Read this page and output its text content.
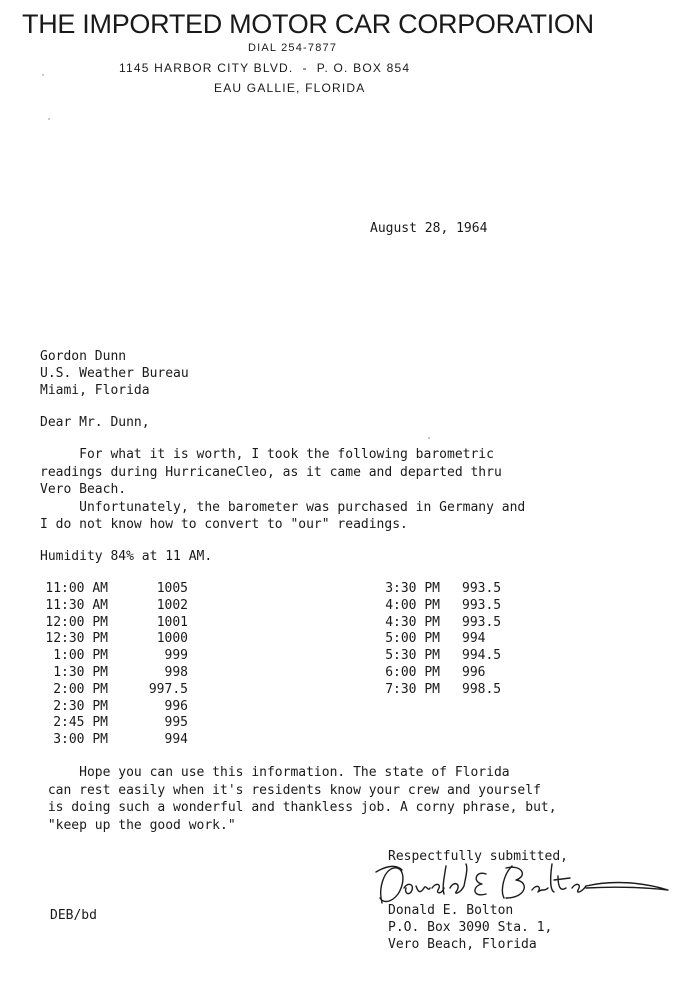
THE IMPORTED MOTOR CAR CORPORATION
DIAL 254-7877
1145 HARBOR CITY BLVD.  -  P. O. BOX 854
EAU GALLIE, FLORIDA
August 28, 1964
Gordon Dunn
U.S. Weather Bureau
Miami, Florida
Dear Mr. Dunn,
For what it is worth, I took the following barometric
readings during HurricaneCleo, as it came and departed thru
Vero Beach.
Unfortunately, the barometer was purchased in Germany and
I do not know how to convert to "our" readings.
Humidity 84% at 11 AM.
11:00 AM	1005
11:30 AM	1002
12:00 PM	1001
12:30 PM	1000
1:00 PM	999
1:30 PM	998
2:00 PM	997.5
2:30 PM	996
2:45 PM	995
3:00 PM	994
3:30 PM 993.5
4:00 PM 993.5
4:30 PM 993.5
5:00 PM 994
5:30 PM 994.5
6:00 PM 996
7:30 PM 998.5
Hope you can use this information. The state of Florida
can rest easily when it's residents know your crew and yourself
is doing such a wonderful and thankless job. A corny phrase, but,
"keep up the good work."
Respectfully submitted,
Donald E. Bolton
P.O. Box 3090 Sta. 1,
Vero Beach, Florida
DEB/bd
